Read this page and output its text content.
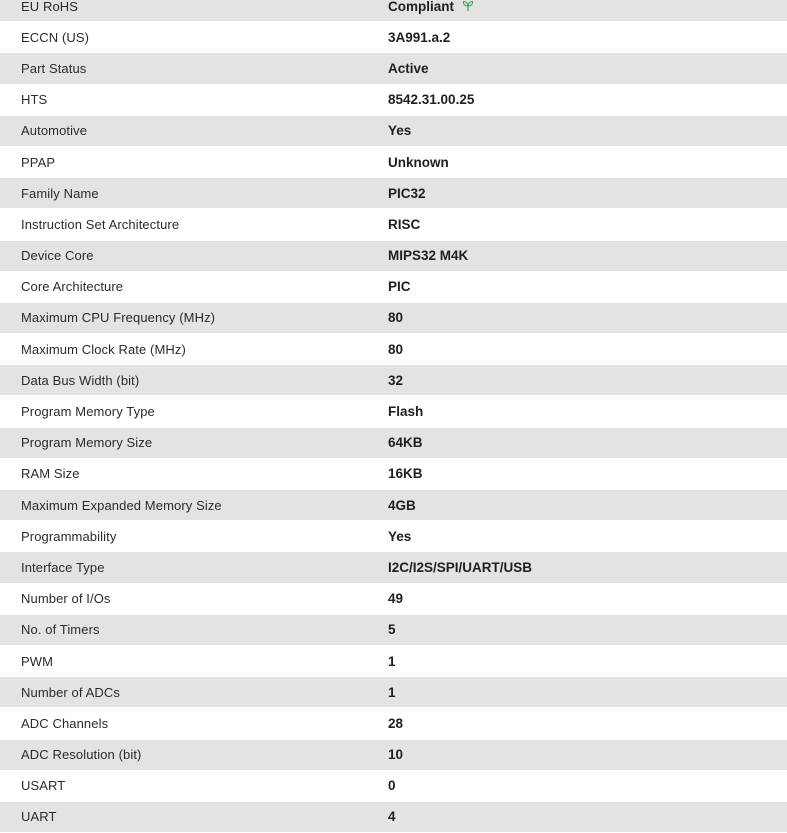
EU RoHS	Compliant
ECCN (US)	3A991.a.2
Part Status	Active
HTS	8542.31.00.25
Automotive	Yes
PPAP	Unknown
Family Name	PIC32
Instruction Set Architecture	RISC
Device Core	MIPS32 M4K
Core Architecture	PIC
Maximum CPU Frequency (MHz)	80
Maximum Clock Rate (MHz)	80
Data Bus Width (bit)	32
Program Memory Type	Flash
Program Memory Size	64KB
RAM Size	16KB
Maximum Expanded Memory Size	4GB
Programmability	Yes
Interface Type	I2C/I2S/SPI/UART/USB
Number of I/Os	49
No. of Timers	5
PWM	1
Number of ADCs	1
ADC Channels	28
ADC Resolution (bit)	10
USART	0
UART	4
